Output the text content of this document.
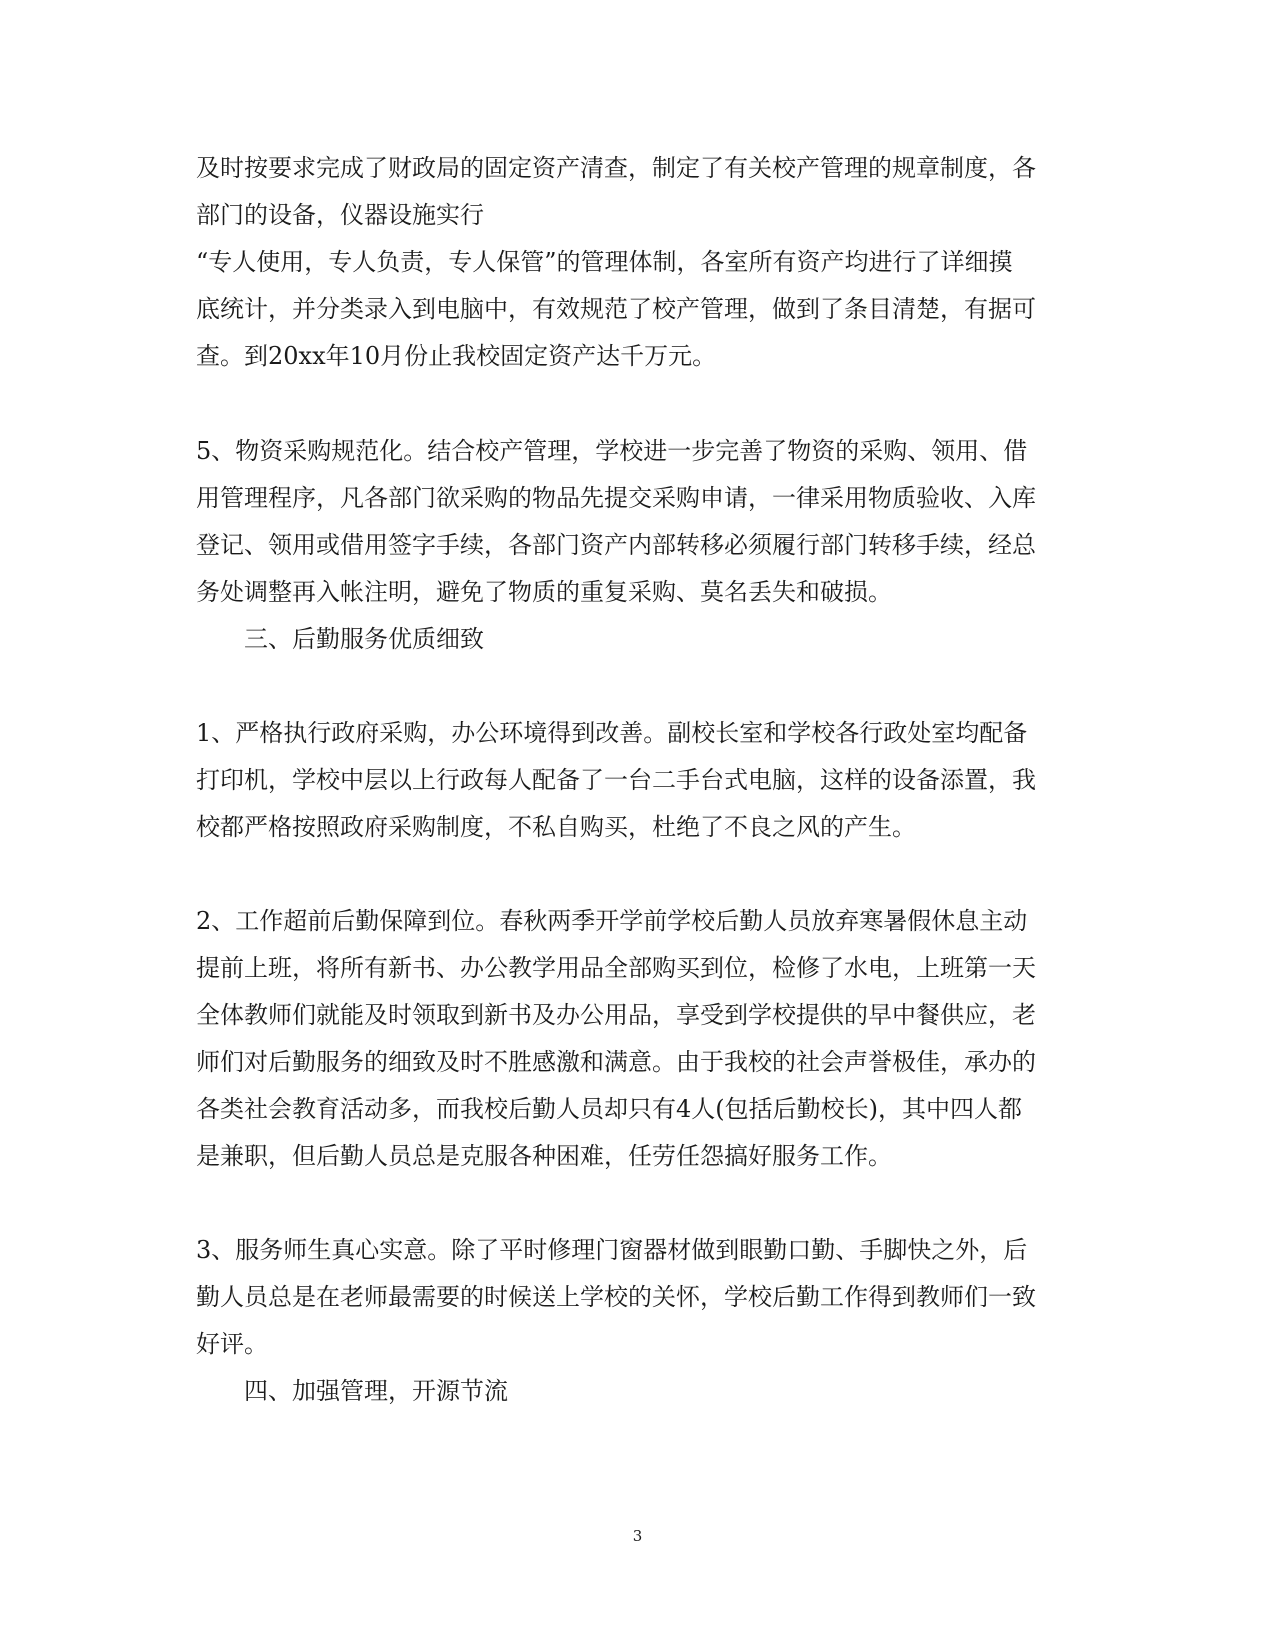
及时按要求完成了财政局的固定资产清查，制定了有关校产管理的规章制度，各
部门的设备，仪器设施实行
“专人使用，专人负责，专人保管”的管理体制，各室所有资产均进行了详细摸
底统计，并分类录入到电脑中，有效规范了校产管理，做到了条目清楚，有据可
查。到20xx年10月份止我校固定资产达千万元。
5、物资采购规范化。结合校产管理，学校进一步完善了物资的采购、领用、借
用管理程序，凡各部门欲采购的物品先提交采购申请，一律采用物质验收、入库
登记、领用或借用签字手续，各部门资产内部转移必须履行部门转移手续，经总
务处调整再入帐注明，避免了物质的重复采购、莫名丢失和破损。
三、后勤服务优质细致
1、严格执行政府采购，办公环境得到改善。副校长室和学校各行政处室均配备
打印机，学校中层以上行政每人配备了一台二手台式电脑，这样的设备添置，我
校都严格按照政府采购制度，不私自购买，杜绝了不良之风的产生。
2、工作超前后勤保障到位。春秋两季开学前学校后勤人员放弃寒暑假休息主动
提前上班，将所有新书、办公教学用品全部购买到位，检修了水电，上班第一天
全体教师们就能及时领取到新书及办公用品，享受到学校提供的早中餐供应，老
师们对后勤服务的细致及时不胜感激和满意。由于我校的社会声誉极佳，承办的
各类社会教育活动多，而我校后勤人员却只有4人(包括后勤校长)，其中四人都
是兼职，但后勤人员总是克服各种困难，任劳任怨搞好服务工作。
3、服务师生真心实意。除了平时修理门窗器材做到眼勤口勤、手脚快之外，后
勤人员总是在老师最需要的时候送上学校的关怀，学校后勤工作得到教师们一致
好评。
四、加强管理，开源节流
3
